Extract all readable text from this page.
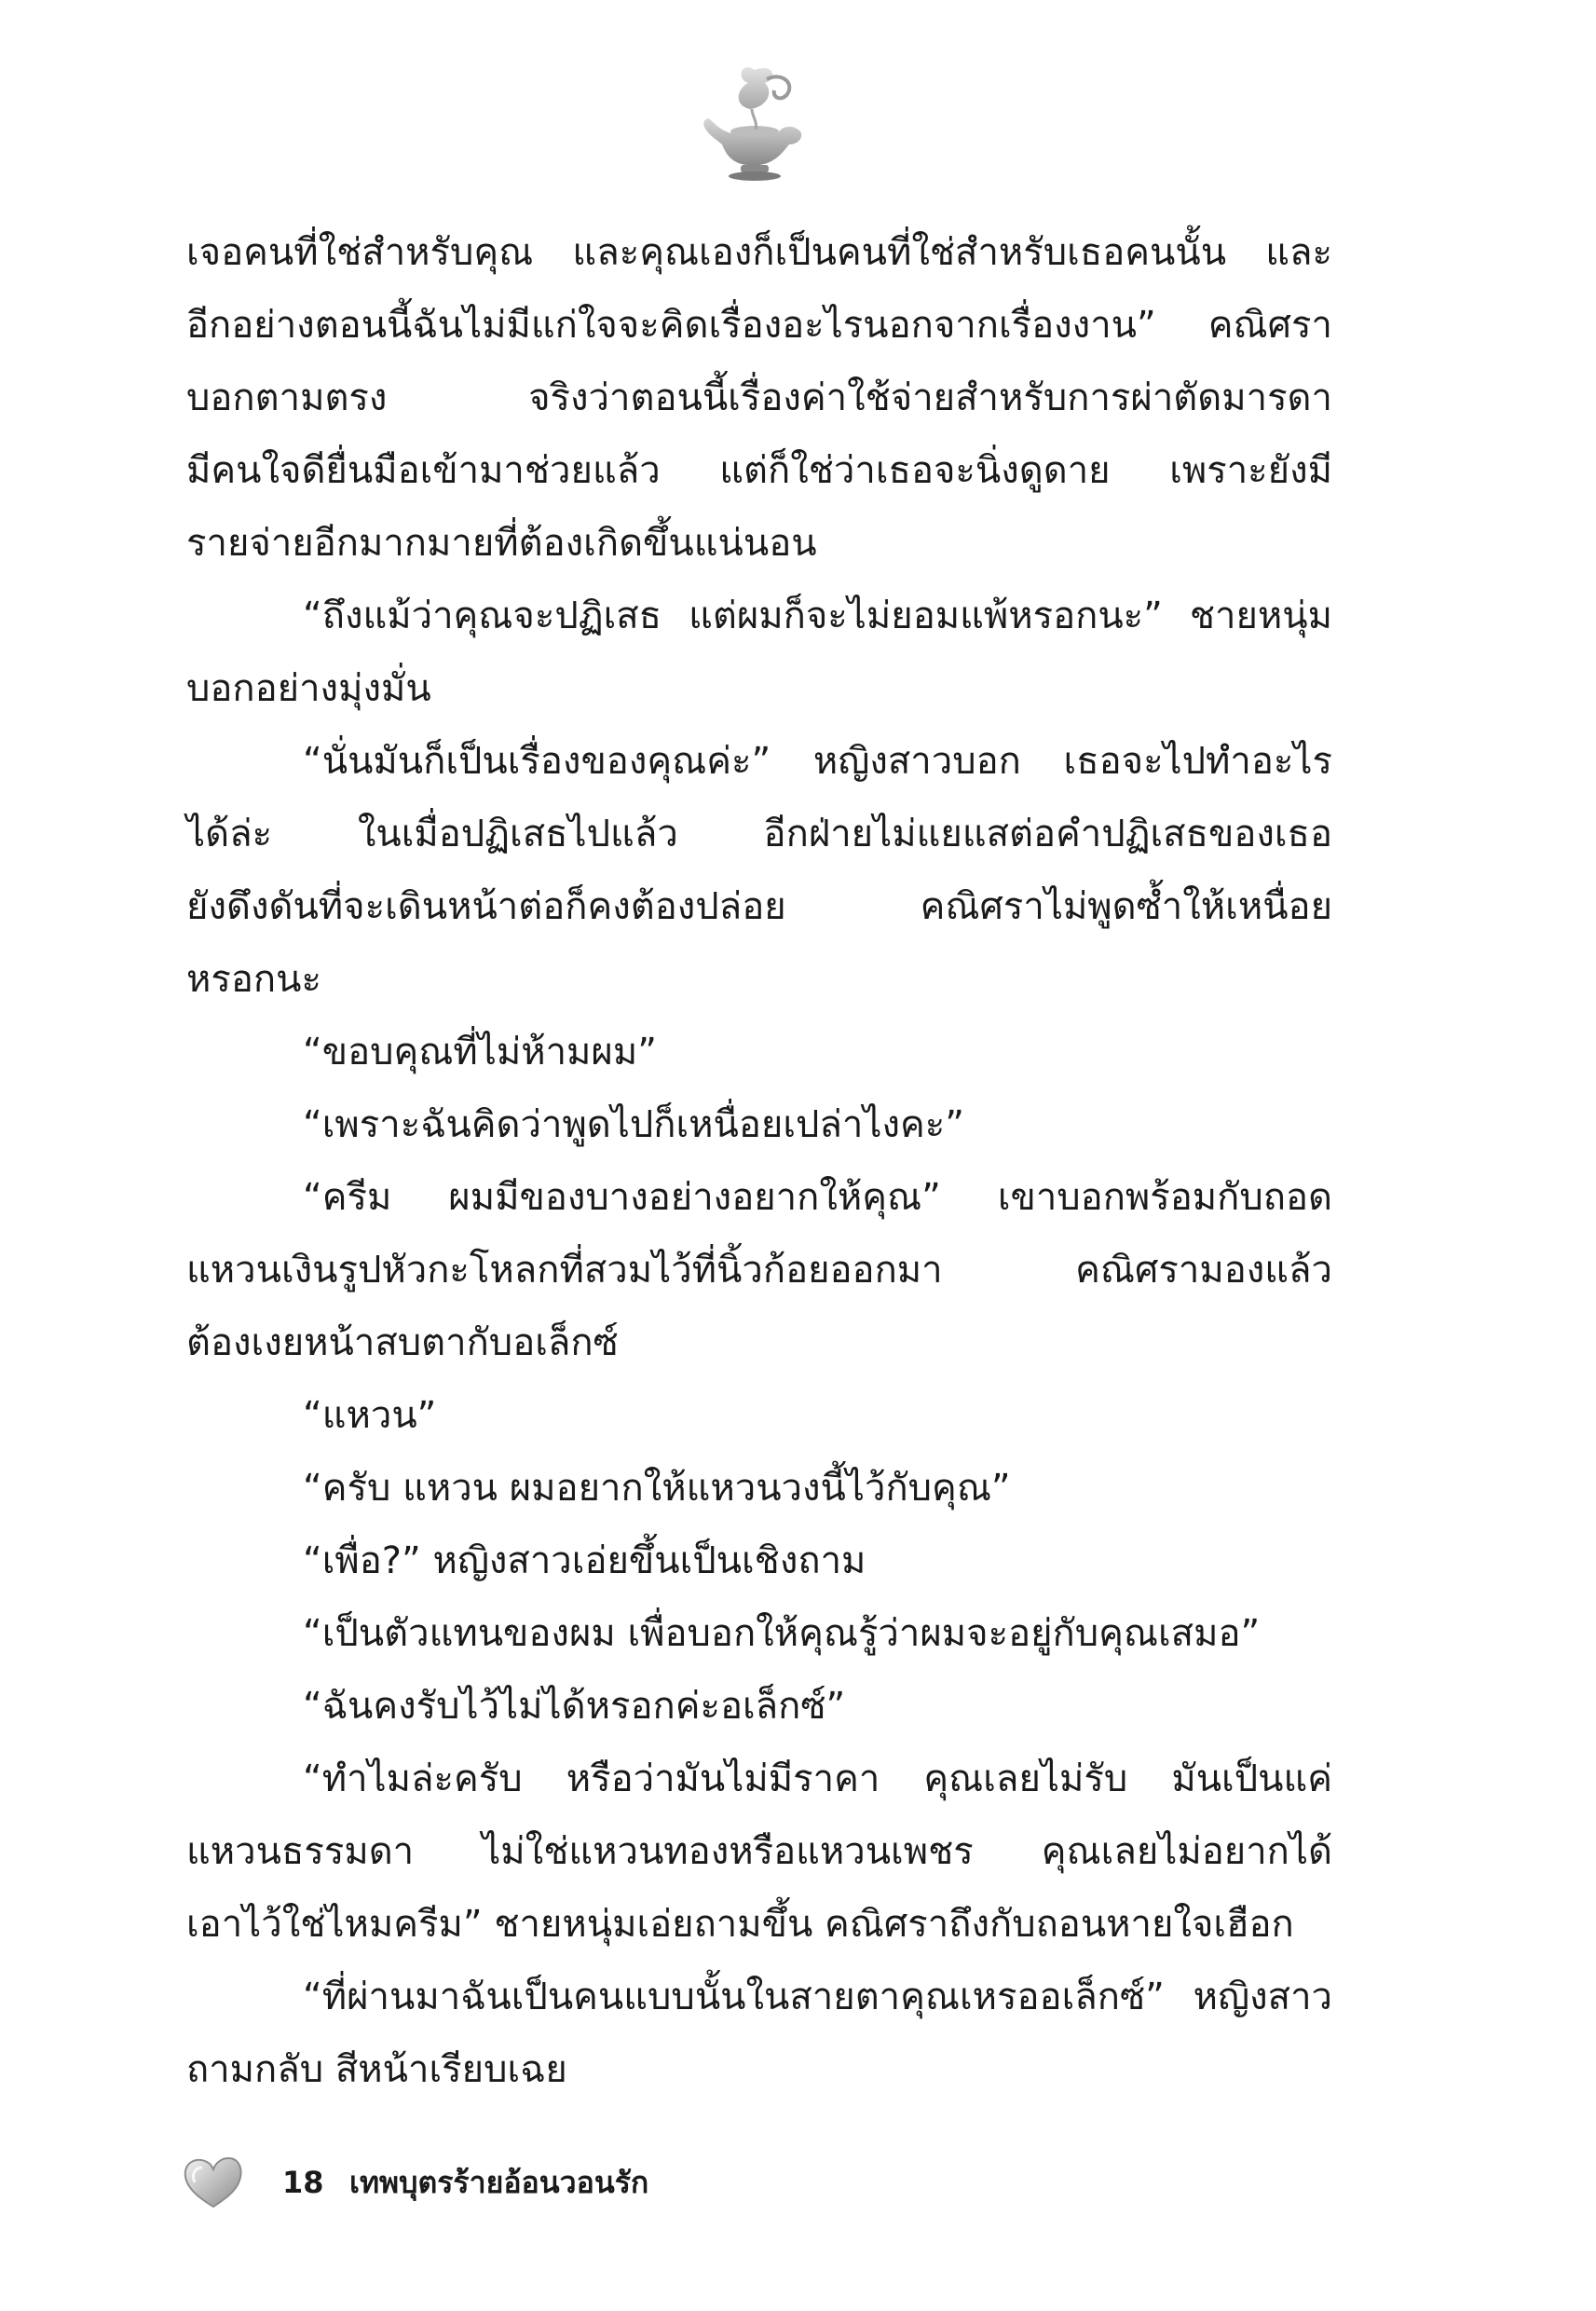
เจอคนที่ใช่สำหรับคุณ และคุณเองก็เป็นคนที่ใช่สำหรับเธอคนนั้น และ
อีกอย่างตอนนี้ฉันไม่มีแก่ใจจะคิดเรื่องอะไรนอกจากเรื่องงาน” คณิศรา
บอกตามตรง จริงว่าตอนนี้เรื่องค่าใช้จ่ายสำหรับการผ่าตัดมารดา
มีคนใจดียื่นมือเข้ามาช่วยแล้ว แต่ก็ใช่ว่าเธอจะนิ่งดูดาย เพราะยังมี
รายจ่ายอีกมากมายที่ต้องเกิดขึ้นแน่นอน
“ถึงแม้ว่าคุณจะปฏิเสธ แต่ผมก็จะไม่ยอมแพ้หรอกนะ” ชายหนุ่ม
บอกอย่างมุ่งมั่น
“นั่นมันก็เป็นเรื่องของคุณค่ะ” หญิงสาวบอก เธอจะไปทำอะไร
ได้ล่ะ ในเมื่อปฏิเสธไปแล้ว อีกฝ่ายไม่แยแสต่อคำปฏิเสธของเธอ
ยังดึงดันที่จะเดินหน้าต่อก็คงต้องปล่อย คณิศราไม่พูดซ้ำให้เหนื่อย
หรอกนะ
“ขอบคุณที่ไม่ห้ามผม”
“เพราะฉันคิดว่าพูดไปก็เหนื่อยเปล่าไงคะ”
“ครีม ผมมีของบางอย่างอยากให้คุณ” เขาบอกพร้อมกับถอด
แหวนเงินรูปหัวกะโหลกที่สวมไว้ที่นิ้วก้อยออกมา คณิศรามองแล้ว
ต้องเงยหน้าสบตากับอเล็กซ์
“แหวน”
“ครับ แหวน ผมอยากให้แหวนวงนี้ไว้กับคุณ”
“เพื่อ?” หญิงสาวเอ่ยขึ้นเป็นเชิงถาม
“เป็นตัวแทนของผม เพื่อบอกให้คุณรู้ว่าผมจะอยู่กับคุณเสมอ”
“ฉันคงรับไว้ไม่ได้หรอกค่ะอเล็กซ์”
“ทำไมล่ะครับ หรือว่ามันไม่มีราคา คุณเลยไม่รับ มันเป็นแค่
แหวนธรรมดา ไม่ใช่แหวนทองหรือแหวนเพชร คุณเลยไม่อยากได้
เอาไว้ใช่ไหมครีม” ชายหนุ่มเอ่ยถามขึ้น คณิศราถึงกับถอนหายใจเฮือก
“ที่ผ่านมาฉันเป็นคนแบบนั้นในสายตาคุณเหรออเล็กซ์” หญิงสาว
ถามกลับ สีหน้าเรียบเฉย
18 เทพบุตรร้ายอ้อนวอนรัก
